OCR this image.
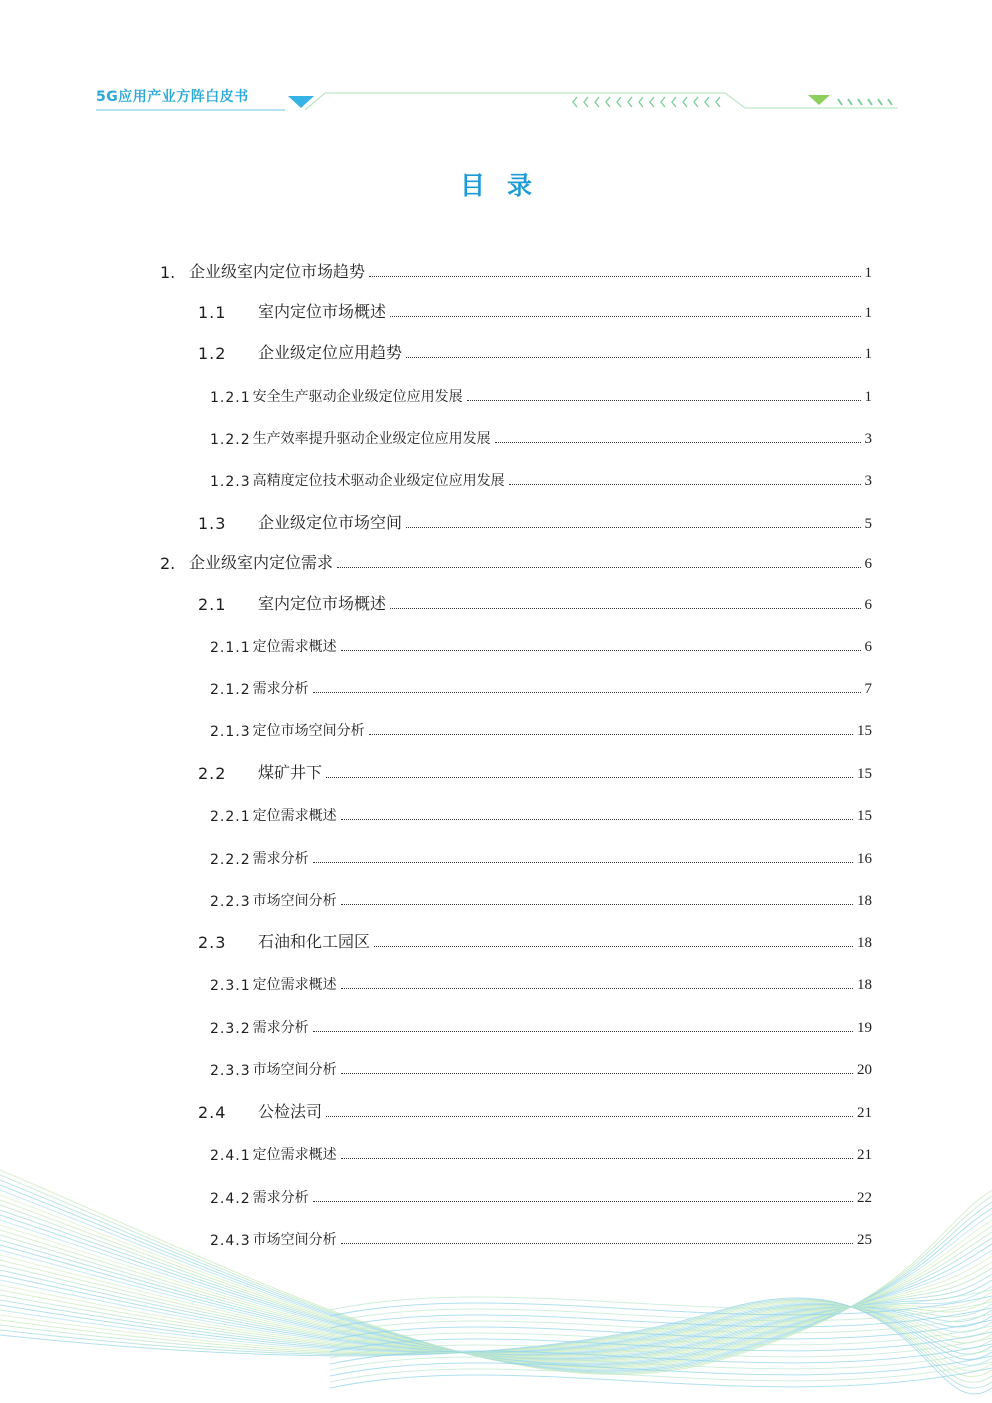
5G应用产业方阵白皮书
目录
1. 企业级室内定位市场趋势	1
1.1	室内定位市场概述	1
1.2	企业级定位应用趋势	1
1.2.1 安全生产驱动企业级定位应用发展	1
1.2.2 生产效率提升驱动企业级定位应用发展	3
1.2.3 高精度定位技术驱动企业级定位应用发展	3
1.3	企业级定位市场空间	5
2. 企业级室内定位需求	6
2.1	室内定位市场概述	6
2.1.1 定位需求概述	6
2.1.2 需求分析	7
2.1.3 定位市场空间分析	15
2.2	煤矿井下	15
2.2.1 定位需求概述	15
2.2.2 需求分析	16
2.2.3 市场空间分析	18
2.3	石油和化工园区	18
2.3.1 定位需求概述	18
2.3.2 需求分析	19
2.3.3 市场空间分析	20
2.4	公检法司	21
2.4.1 定位需求概述	21
2.4.2 需求分析	22
2.4.3 市场空间分析	25
